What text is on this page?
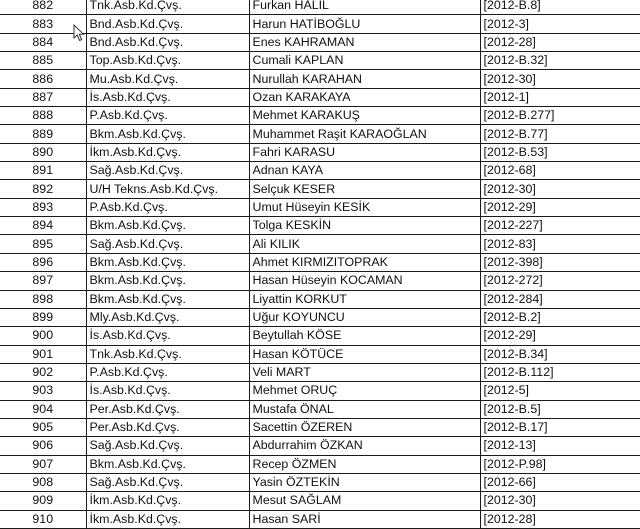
882	Tnk.Asb.Kd.Çvş.	Furkan HALIL	[2012-B.8]
883	Bnd.Asb.Kd.Çvş.	Harun HATİBOĞLU	[2012-3]
884	Bnd.Asb.Kd.Çvş.	Enes KAHRAMAN	[2012-28]
885	Top.Asb.Kd.Çvş.	Cumali KAPLAN	[2012-B.32]
886	Mu.Asb.Kd.Çvş.	Nurullah KARAHAN	[2012-30]
887	İs.Asb.Kd.Çvş.	Ozan KARAKAYA	[2012-1]
888	P.Asb.Kd.Çvş.	Mehmet KARAKUŞ	[2012-B.277]
889	Bkm.Asb.Kd.Çvş.	Muhammet Raşit KARAOĞLAN	[2012-B.77]
890	İkm.Asb.Kd.Çvş.	Fahri KARASU	[2012-B.53]
891	Sağ.Asb.Kd.Çvş.	Adnan KAYA	[2012-68]
892	U/H Tekns.Asb.Kd.Çvş.	Selçuk KESER	[2012-30]
893	P.Asb.Kd.Çvş.	Umut Hüseyin KESİK	[2012-29]
894	Bkm.Asb.Kd.Çvş.	Tolga KESKİN	[2012-227]
895	Sağ.Asb.Kd.Çvş.	Ali KILIK	[2012-83]
896	Bkm.Asb.Kd.Çvş.	Ahmet KIRMIZITOPRAK	[2012-398]
897	Bkm.Asb.Kd.Çvş.	Hasan Hüseyin KOCAMAN	[2012-272]
898	Bkm.Asb.Kd.Çvş.	Liyattin KORKUT	[2012-284]
899	Mly.Asb.Kd.Çvş.	Uğur KOYUNCU	[2012-B.2]
900	İs.Asb.Kd.Çvş.	Beytullah KÖSE	[2012-29]
901	Tnk.Asb.Kd.Çvş.	Hasan KÖTÜCE	[2012-B.34]
902	P.Asb.Kd.Çvş.	Veli MART	[2012-B.112]
903	İs.Asb.Kd.Çvş.	Mehmet ORUÇ	[2012-5]
904	Per.Asb.Kd.Çvş.	Mustafa ÖNAL	[2012-B.5]
905	Per.Asb.Kd.Çvş.	Sacettin ÖZEREN	[2012-B.17]
906	Sağ.Asb.Kd.Çvş.	Abdurrahim ÖZKAN	[2012-13]
907	Bkm.Asb.Kd.Çvş.	Recep ÖZMEN	[2012-P.98]
908	Sağ.Asb.Kd.Çvş.	Yasin ÖZTEKİN	[2012-66]
909	İkm.Asb.Kd.Çvş.	Mesut SAĞLAM	[2012-30]
910	İkm.Asb.Kd.Çvş.	Hasan SARİ	[2012-28]
